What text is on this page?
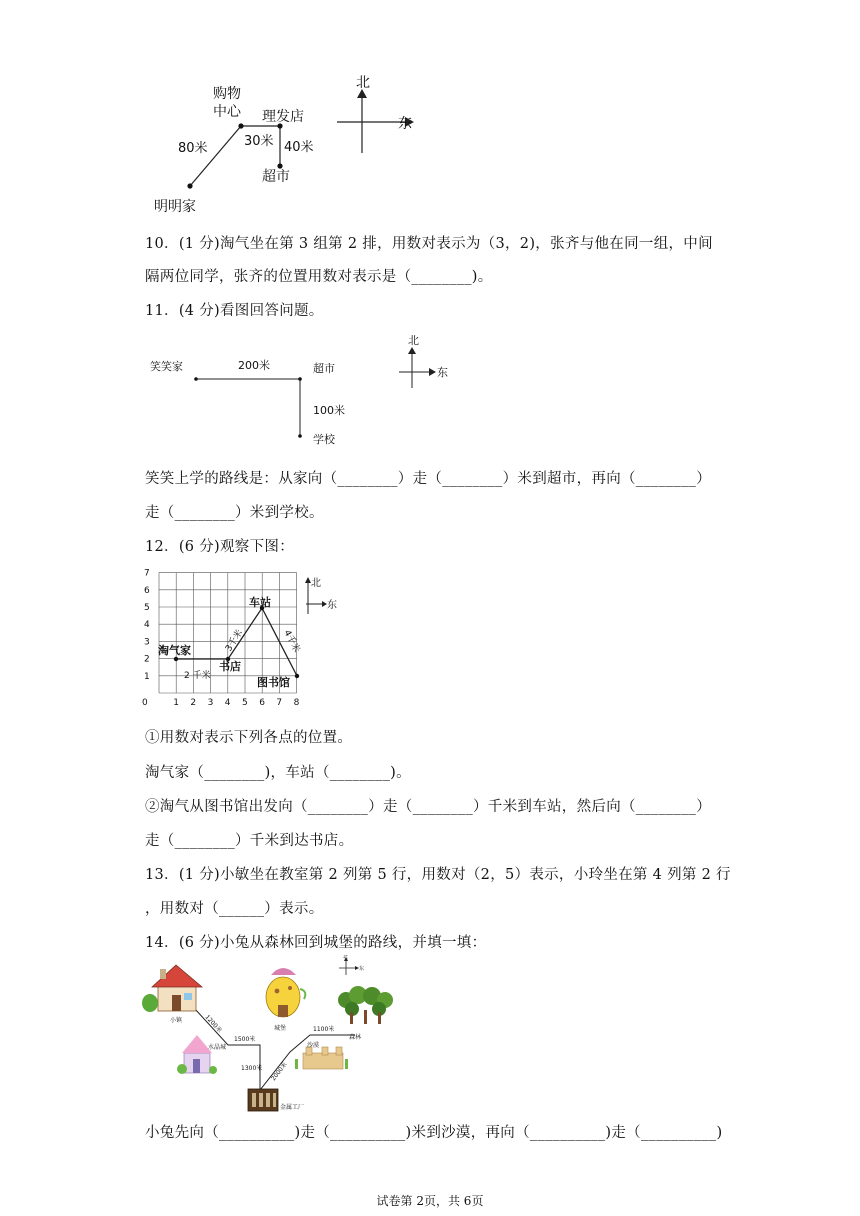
购物
中心 理发店
30米 40米
80米
超市
明明家
北
东
10．(1 分)淘气坐在第 3 组第 2 排，用数对表示为（3，2)，张齐与他在同一组，中间
隔两位同学，张齐的位置用数对表示是（________)。
11．(4 分)看图回答问题。
笑笑家	200米	超市
100米
学校
北
东
笑笑上学的路线是：从家向（________）走（________）米到超市，再向（________）
走（________）米到学校。
12．(6 分)观察下图：
0	1 2 3 4 5 6 7 8
1
2
3
4
5
6
7
淘气家
车站
书店
图书馆
2 千米
3千米	4千米
北
东
①用数对表示下列各点的位置。
淘气家（________)，车站（________)。
②淘气从图书馆出发向（________）走（________）千米到车站，然后向（________）
走（________）千米到达书店。
13．(1 分)小敏坐在教室第 2 列第 5 行，用数对（2，5）表示，小玲坐在第 4 列第 2 行
，用数对（______）表示。
14．(6 分)小兔从森林回到城堡的路线，并填一填：
小镇
城堡
森林
水晶城	沙漠
金属工厂
1200米
1500米
1300米 2000米
1100米
北
东
小兔先向（__________)走（__________)米到沙漠，再向（__________)走（__________)
试卷第 2页，共 6页
